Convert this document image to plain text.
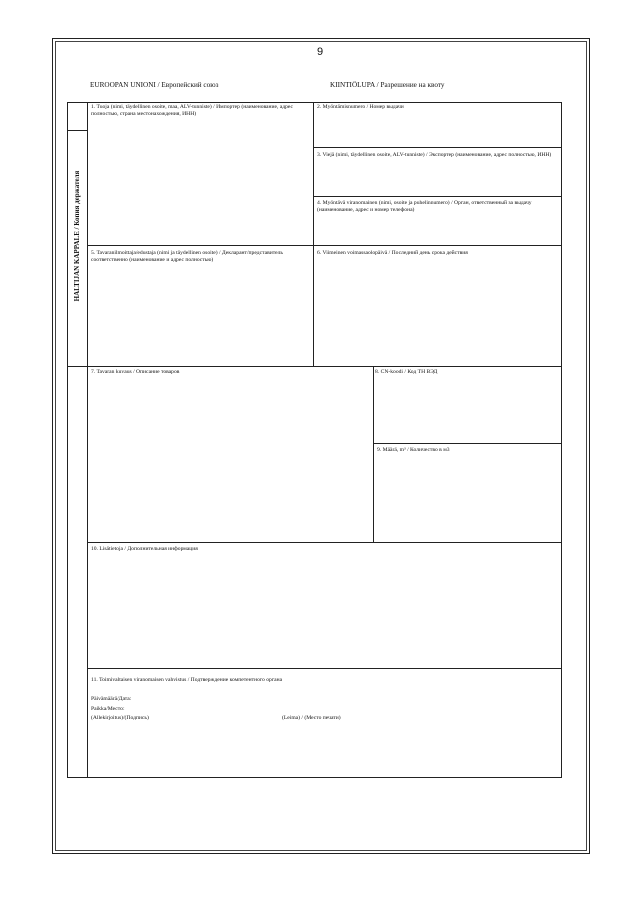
9
EUROOPAN UNIONI / Европейский союз	KIINTIÖLUPA / Разрешение на квоту
HALTIJAN KAPPALE / Копия держателя
1. Tuoja (nimi, täydellinen osoite, maa, ALV-tunniste) / Импортер (наименование, адрес полностью, страна местонахождения, ИНН)
2. Myöntämisnumero / Номер выдачи
3. Viejä (nimi, täydellinen osoite, ALV-tunniste) / Экспортер (наименование, адрес полностью, ИНН)
4. Myöntävä viranomainen (nimi, osoite ja puhelinnumero) / Орган, ответственный за выдачу (наименование, адрес и номер телефона)
5. Tavaranilmoittaja/edustaja (nimi ja täydellinen osoite) / Декларант/представитель соответственно (наименование и адрес полностью)
6. Viimeinen voimassaolopäivä / Последний день срока действия
7. Tavaran kuvaus / Описание товаров	8. CN-koodi / Код ТН ВЭД
9. Määrä, m³ / Количество в м3
10. Lisätietoja / Дополнительная информация
11. Toimivaltaisen viranomaisen vahvistus / Подтверждение компетентного органа
Päivämäärä/Дата:
Paikka/Место:
(Allekirjoitus)/(Подпись)	(Leima) / (Место печати)
